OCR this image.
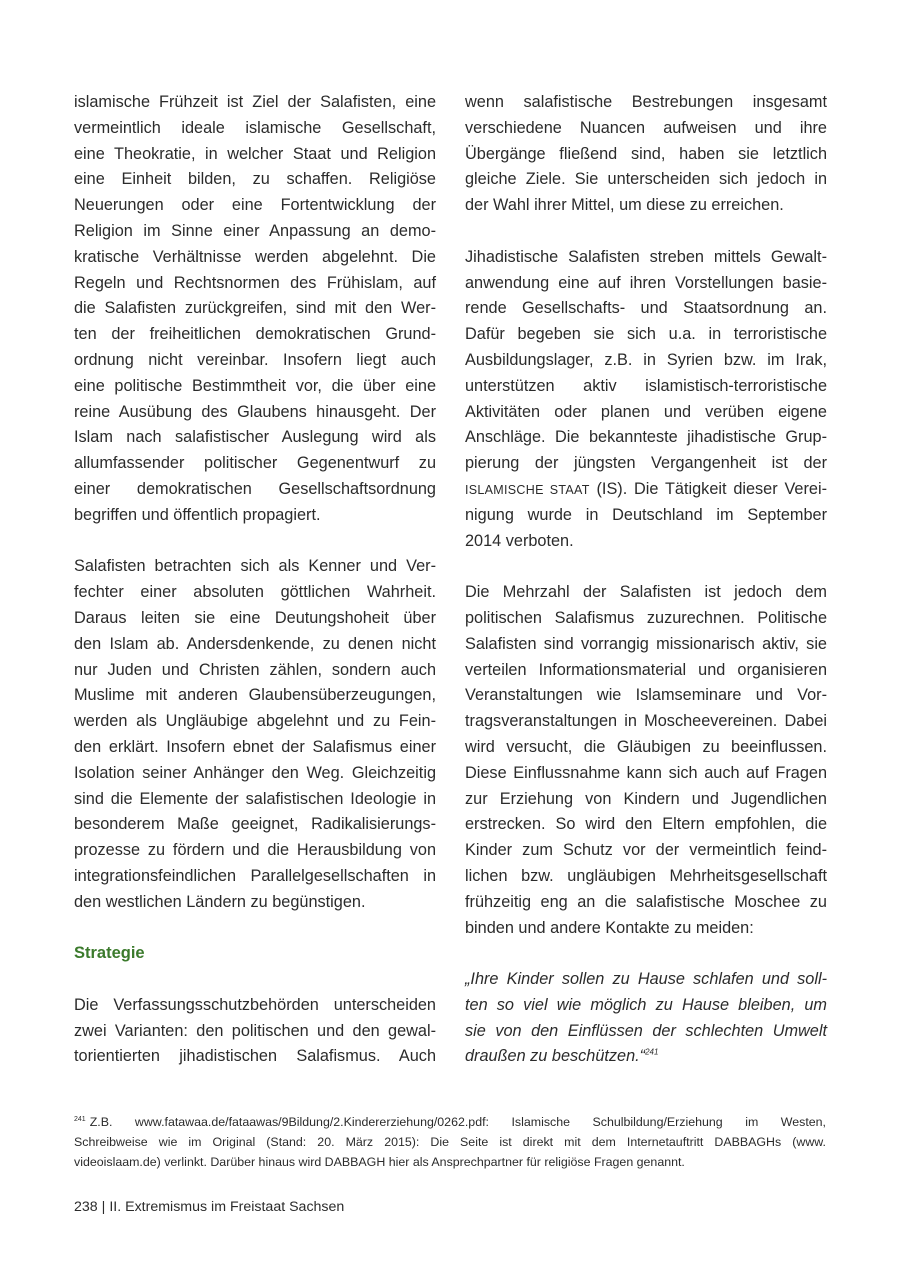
islamische Frühzeit ist Ziel der Salafisten, eine
vermeintlich ideale islamische Gesellschaft,
eine Theokratie, in welcher Staat und Religion
eine Einheit bilden, zu schaffen. Religiöse
Neuerungen oder eine Fortentwicklung der
Religion im Sinne einer Anpassung an demo-
kratische Verhältnisse werden abgelehnt. Die
Regeln und Rechtsnormen des Frühislam, auf
die Salafisten zurückgreifen, sind mit den Wer-
ten der freiheitlichen demokratischen Grund-
ordnung nicht vereinbar. Insofern liegt auch
eine politische Bestimmtheit vor, die über eine
reine Ausübung des Glaubens hinausgeht. Der
Islam nach salafistischer Auslegung wird als
allumfassender politischer Gegenentwurf zu
einer demokratischen Gesellschaftsordnung
begriffen und öffentlich propagiert.
Salafisten betrachten sich als Kenner und Ver-
fechter einer absoluten göttlichen Wahrheit.
Daraus leiten sie eine Deutungshoheit über
den Islam ab. Andersdenkende, zu denen nicht
nur Juden und Christen zählen, sondern auch
Muslime mit anderen Glaubensüberzeugungen,
werden als Ungläubige abgelehnt und zu Fein-
den erklärt. Insofern ebnet der Salafismus einer
Isolation seiner Anhänger den Weg. Gleichzeitig
sind die Elemente der salafistischen Ideologie in
besonderem Maße geeignet, Radikalisierungs-
prozesse zu fördern und die Herausbildung von
integrationsfeindlichen Parallelgesellschaften in
den westlichen Ländern zu begünstigen.
Strategie
Die Verfassungsschutzbehörden unterscheiden
zwei Varianten: den politischen und den gewal-
torientierten jihadistischen Salafismus. Auch
wenn salafistische Bestrebungen insgesamt
verschiedene Nuancen aufweisen und ihre
Übergänge fließend sind, haben sie letztlich
gleiche Ziele. Sie unterscheiden sich jedoch in
der Wahl ihrer Mittel, um diese zu erreichen.
Jihadistische Salafisten streben mittels Gewalt-
anwendung eine auf ihren Vorstellungen basie-
rende Gesellschafts- und Staatsordnung an.
Dafür begeben sie sich u.a. in terroristische
Ausbildungslager, z.B. in Syrien bzw. im Irak,
unterstützen aktiv islamistisch-terroristische
Aktivitäten oder planen und verüben eigene
Anschläge. Die bekannteste jihadistische Grup-
pierung der jüngsten Vergangenheit ist der
ISLAMISCHE STAAT (IS). Die Tätigkeit dieser Verei-
nigung wurde in Deutschland im September
2014 verboten.
Die Mehrzahl der Salafisten ist jedoch dem
politischen Salafismus zuzurechnen. Politische
Salafisten sind vorrangig missionarisch aktiv, sie
verteilen Informationsmaterial und organisieren
Veranstaltungen wie Islamseminare und Vor-
tragsveranstaltungen in Moscheevereinen. Dabei
wird versucht, die Gläubigen zu beeinflussen.
Diese Einflussnahme kann sich auch auf Fragen
zur Erziehung von Kindern und Jugendlichen
erstrecken. So wird den Eltern empfohlen, die
Kinder zum Schutz vor der vermeintlich feind-
lichen bzw. ungläubigen Mehrheitsgesellschaft
frühzeitig eng an die salafistische Moschee zu
binden und andere Kontakte zu meiden:
„Ihre Kinder sollen zu Hause schlafen und soll-
ten so viel wie möglich zu Hause bleiben, um
sie von den Einflüssen der schlechten Umwelt
draußen zu beschützen.“$^{241}$
$^{241}$ Z.B. www.fatawaa.de/fataawas/9Bildung/2.Kindererziehung/0262.pdf: Islamische Schulbildung/Erziehung im Westen,
Schreibweise wie im Original (Stand: 20. März 2015): Die Seite ist direkt mit dem Internetauftritt DABBAGHs (www.
videoislaam.de) verlinkt. Darüber hinaus wird DABBAGH hier als Ansprechpartner für religiöse Fragen genannt.
238 | II. Extremismus im Freistaat Sachsen
